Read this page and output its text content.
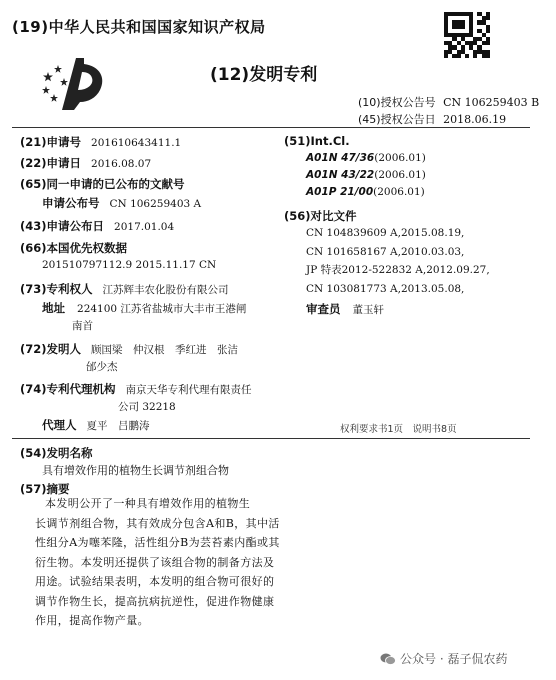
(19)中华人民共和国国家知识产权局
(12)发明专利
(10)授权公告号 CN 106259403 B
(45)授权公告日 2018.06.19
(21)申请号 201610643411.1
(22)申请日 2016.08.07
(65)同一申请的已公布的文献号
申请公布号 CN 106259403 A
(43)申请公布日 2017.01.04
(66)本国优先权数据
201510797112.9 2015.11.17 CN
(73)专利权人 江苏辉丰农化股份有限公司
地址 224100 江苏省盐城市大丰市王港闸
南首
(72)发明人 顾国梁　仲汉根　季红进　张洁
邰少杰
(74)专利代理机构 南京天华专利代理有限责任
公司 32218
代理人 夏平　吕鹏涛
(51)Int.Cl.
A01N 47/36(2006.01)
A01N 43/22(2006.01)
A01P 21/00(2006.01)
(56)对比文件
CN 104839609 A,2015.08.19,
CN 101658167 A,2010.03.03,
JP 特表2012-522832 A,2012.09.27,
CN 103081773 A,2013.05.08,
审查员 董玉轩
权利要求书1页　说明书8页
(54)发明名称
具有增效作用的植物生长调节剂组合物
(57)摘要
本发明公开了一种具有增效作用的植物生
长调节剂组合物，其有效成分包含A和B，其中活
性组分A为噻苯隆，活性组分B为芸苔素内酯或其
衍生物。本发明还提供了该组合物的制备方法及
用途。试验结果表明，本发明的组合物可很好的
调节作物生长，提高抗病抗逆性，促进作物健康
作用，提高作物产量。
公众号 · 磊子侃农药
